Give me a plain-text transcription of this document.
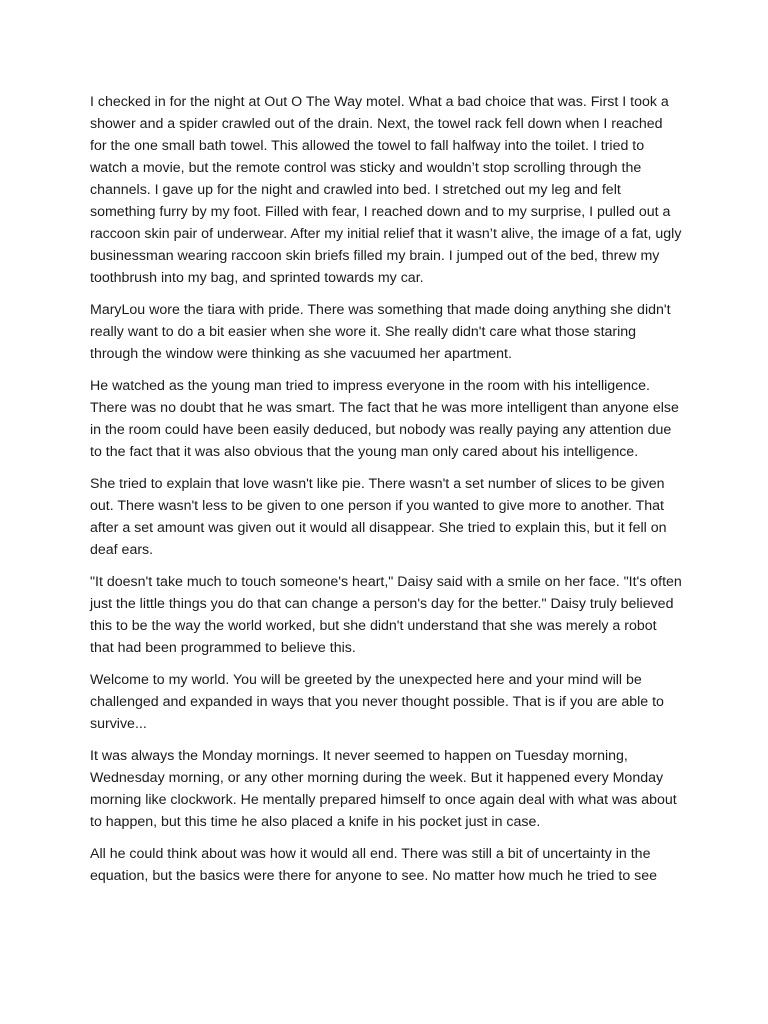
I checked in for the night at Out O The Way motel. What a bad choice that was. First I took a shower and a spider crawled out of the drain. Next, the towel rack fell down when I reached for the one small bath towel. This allowed the towel to fall halfway into the toilet. I tried to watch a movie, but the remote control was sticky and wouldn’t stop scrolling through the channels. I gave up for the night and crawled into bed. I stretched out my leg and felt something furry by my foot. Filled with fear, I reached down and to my surprise, I pulled out a raccoon skin pair of underwear. After my initial relief that it wasn’t alive, the image of a fat, ugly businessman wearing raccoon skin briefs filled my brain. I jumped out of the bed, threw my toothbrush into my bag, and sprinted towards my car.

MaryLou wore the tiara with pride. There was something that made doing anything she didn't really want to do a bit easier when she wore it. She really didn't care what those staring through the window were thinking as she vacuumed her apartment.

He watched as the young man tried to impress everyone in the room with his intelligence. There was no doubt that he was smart. The fact that he was more intelligent than anyone else in the room could have been easily deduced, but nobody was really paying any attention due to the fact that it was also obvious that the young man only cared about his intelligence.

She tried to explain that love wasn't like pie. There wasn't a set number of slices to be given out. There wasn't less to be given to one person if you wanted to give more to another. That after a set amount was given out it would all disappear. She tried to explain this, but it fell on deaf ears.

"It doesn't take much to touch someone's heart," Daisy said with a smile on her face. "It's often just the little things you do that can change a person's day for the better." Daisy truly believed this to be the way the world worked, but she didn't understand that she was merely a robot that had been programmed to believe this.

Welcome to my world. You will be greeted by the unexpected here and your mind will be challenged and expanded in ways that you never thought possible. That is if you are able to survive...

It was always the Monday mornings. It never seemed to happen on Tuesday morning, Wednesday morning, or any other morning during the week. But it happened every Monday morning like clockwork. He mentally prepared himself to once again deal with what was about to happen, but this time he also placed a knife in his pocket just in case.

All he could think about was how it would all end. There was still a bit of uncertainty in the equation, but the basics were there for anyone to see. No matter how much he tried to see
